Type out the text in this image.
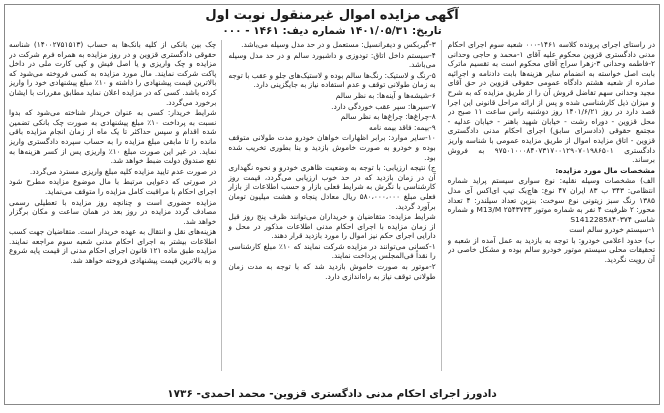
آگهی مزایده اموال غیرمنقول نوبت اول
تاریخ: ۱۴۰۱/۰۵/۳۱ شماره دیف: ۱۴۶۱ - ۰۰۰

در راستای اجرای پرونده کلاسه ۱۴۶۱-۰۰۰ شعبه سوم اجرای احکام مدنی دادگستری قزوین محکوم علیه آقای ۱-محمد و حاجی وحدانی ۲-فاطمه وحدانی ۳-زهرا سراج آقای محکوم است به تقسیم ماترک بابت اصل خواسته به انضمام سایر هزینه‌ها بابت دادنامه و اجرائیه صادره از شعبه هشتم دادگاه عمومی حقوقی قزوین در حق آقای مجید وحدانی سهم تفاضل قروش آن را از طریق مزایده که به شرح و میزان ذیل کارشناسی شده و پس از ارائه مراحل قانونی این اجرا قصد دارد در روز ۱۴۰۱/۶/۲۱ روز دوشنبه راس ساعت ۱۱ صبح در محل قزوین - دوراه رشت - خیابان شهید باهنر - خیابان عدلیه - مجتمع حقوقی (دادسرای سابق) اجرای احکام مدنی دادگستری قزوین - اتاق مزایده اموال از طریق مزایده عمومی با شناسه واریز دادگستری ۹۷۵۰۱۰۰۰۸۴۰۷۳۱۷۰۰۱۲۹۰۷۰۱۹۸۶۵۰۱ به فروش برساند.

مشخصات مال مورد مزایده:

الف) مشخصات وسیله نقلیه: نوع سواری سیستم پراید شماره انتظامی: ۳۴۳ ب ۸۳ ایران ۴۷ نوع: هاچ‌بک تیپ ای‌اکس آی مدل ۱۳۸۵ رنگ سبز زیتونی نوع سوخت: بنزین تعداد سیلندر: ۴ تعداد محور: ۲ ظرفیت ۴ نفر به شماره موتور ۲۵۴۳۷۳۳ M13/M و شماره شاسی S1412285۸۴۰۳۷۴

۱-سیستم خودرو سالم است

ب) حدود اعلامی خودرو: با توجه به بازدید به عمل آمده از شعبه و تحقیقات محلی سیستم موتور خودرو سالم بوده و مشکل خاصی در آن رویت نگردید.

۳-گیربکس و دیفرانسیل: مستعمل و در حد مدل وسیله می‌باشد.

۴-سیستم داخل اتاق: تودوزی و داشبورد سالم و در حد مدل وسیله می‌باشد.

۵-رنگ و لاستیک: رنگ‌ها سالم بوده و لاستیک‌های جلو و عقب با توجه به زمان طولانی توقف و عدم استفاده نیاز به جایگزینی دارد.

۶-شیشه‌ها و آینه‌ها: به نظر سالم

۷-سپرها: سپر عقب خوردگی دارد.

۸-چراغ‌ها: چراغ‌ها به نظر سالم

۹-بیمه: فاقد بیمه نامه

۱۰-سایر موارد: برابر اظهارات خواهان خودرو مدت طولانی متوقف بوده و خودرو به صورت خاموش بازدید و بنا بطوری تخریب شده بود.

ج) نتیجه ارزیابی: با توجه به وضعیت ظاهری خودرو و نحوه نگهداری آن در زمان بازدید که در حد خوب ارزیابی می‌گردد، قیمت روز کارشناسی با نگرش به شرایط فعلی بازار و حسب اطلاعات از بازار فعلی مبلغ ۵۸۰،۰۰۰،۰۰۰ ریال معادل پنجاه و هشت میلیون تومان برآورد گردید.

شرایط مزایده: متقاضیان و خریداران می‌توانند ظرف پنج روز قبل از زمان مزایده با اجرای احکام مدنی اطلاعات مذکور در محل و دارایی اجرای حکم نیز اموال را مورد بازدید قرار دهند.

۱-کسانی می‌توانند در مزایده شرکت نمایند که ۱۰٪ مبلغ کارشناسی را نقداً فی‌المجلس پرداخت نمایند.

۲-موتور به صورت خاموش بازدید شد که با توجه به مدت زمان طولانی توقف نیاز به راه‌اندازی دارد.

چک بین بانکی از کلیه بانک‌ها به حساب (۱۴۰۰۲۷۵۱۵۱۳) شناسه حقوقی دادگستری قزوین و در روز مزایده به همراه فرم شرکت در مزایده و چک واریزی و یا اصل فیش و کپی کارت ملی در داخل پاکت شرکت نمایند. مال مورد مزایده به کسی فروخته می‌شود که بالاترین قیمت پیشنهادی را داشته و ۱۰٪ مبلغ پیشنهادی خود را واریز کرده باشد. کسی که در مزایده اعلان نماید مطابق مقررات با ایشان برخورد می‌گردد.

شرایط خریدار: کسی به عنوان خریدار شناخته می‌شود که بدوا نسبت به پرداخت ۱۰٪ مبلغ پیشنهادی به صورت چک بانکی تضمین شده اقدام و سپس حداکثر تا یک ماه از زمان انجام مزایده باقی مانده را تا مابقی مبلغ مزایده را به حساب سپرده دادگستری واریز نماید. در غیر این صورت مبلغ ۱۰٪ واریزی پس از کسر هزینه‌ها به نفع صندوق دولت ضبط خواهد شد.

در صورت عدم تایید مزایده کلیه مبلغ واریزی مسترد می‌گردد.

در صورتی که دعوایی مرتبط با مال موضوع مزایده مطرح شود اجرای احکام با مراقبت کامل مزایده را متوقف می‌نماید.

مزایده حضوری است و چنانچه روز مزایده با تعطیلی رسمی مصادف گردد مزایده در روز بعد در همان ساعت و مکان برگزار خواهد شد.

هزینه‌های نقل و انتقال به عهده خریدار است. متقاضیان جهت کسب اطلاعات بیشتر به اجرای احکام مدنی شعبه سوم مراجعه نمایند. مزایده طبق ماده ۱۲۱ قانون اجرای احکام مدنی از قیمت پایه شروع و به بالاترین قیمت پیشنهادی فروخته خواهد شد.

دادورز اجرای احکام مدنی دادگستری قزوین- محمد احمدی- ۱۷۳۶
